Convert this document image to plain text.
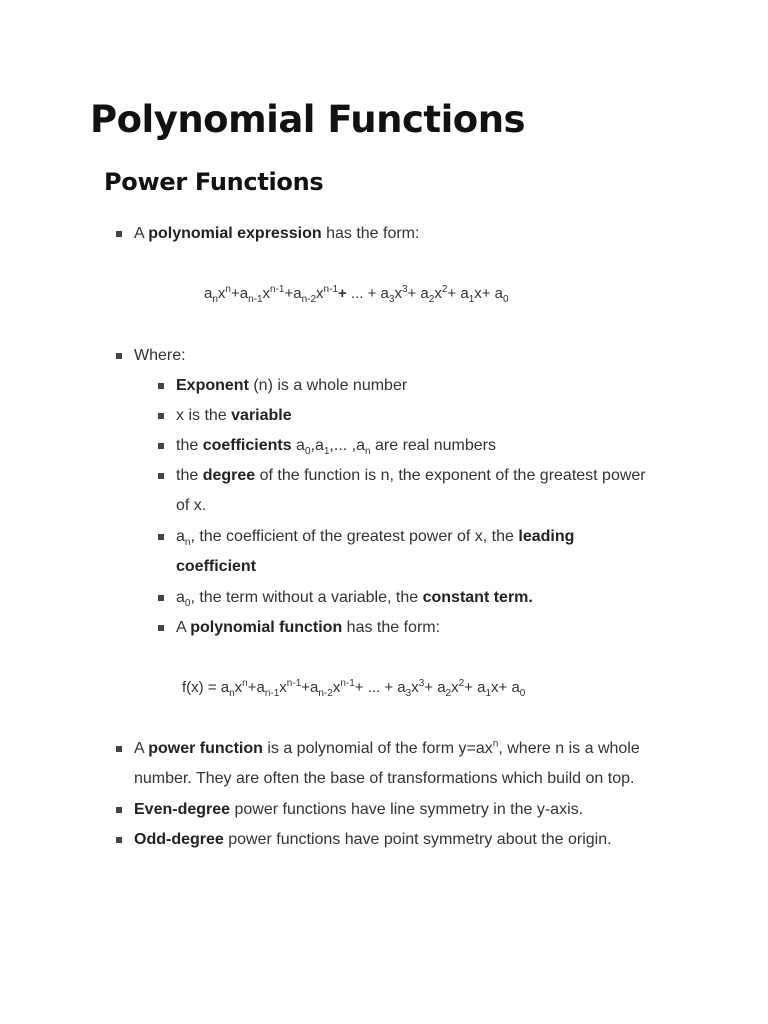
Polynomial Functions
Power Functions
A polynomial expression has the form:
$a_nx^n+a_{n-1}x^{n-1}+a_{n-2}x^{n-1}+$ ... + $a_3x^3+ a_2x^2+ a_1x+ a_0$
Where:
Exponent (n) is a whole number
x is the variable
the coefficients $a_0,a_1$,... $,a_n$ are real numbers
the degree of the function is n, the exponent of the greatest power
of x.
$a_n$, the coefficient of the greatest power of x, the leading
coefficient
$a_0$, the term without a variable, the constant term.
A polynomial function has the form:
$f(x) = a_nx^n+a_{n-1}x^{n-1}+a_{n-2}x^{n-1}+$ ... + $a_3x^3+ a_2x^2+ a_1x+ a_0$
A power function is a polynomial of the form $y=ax^n$, where n is a whole
number. They are often the base of transformations which build on top.
Even-degree power functions have line symmetry in the y-axis.
Odd-degree power functions have point symmetry about the origin.
